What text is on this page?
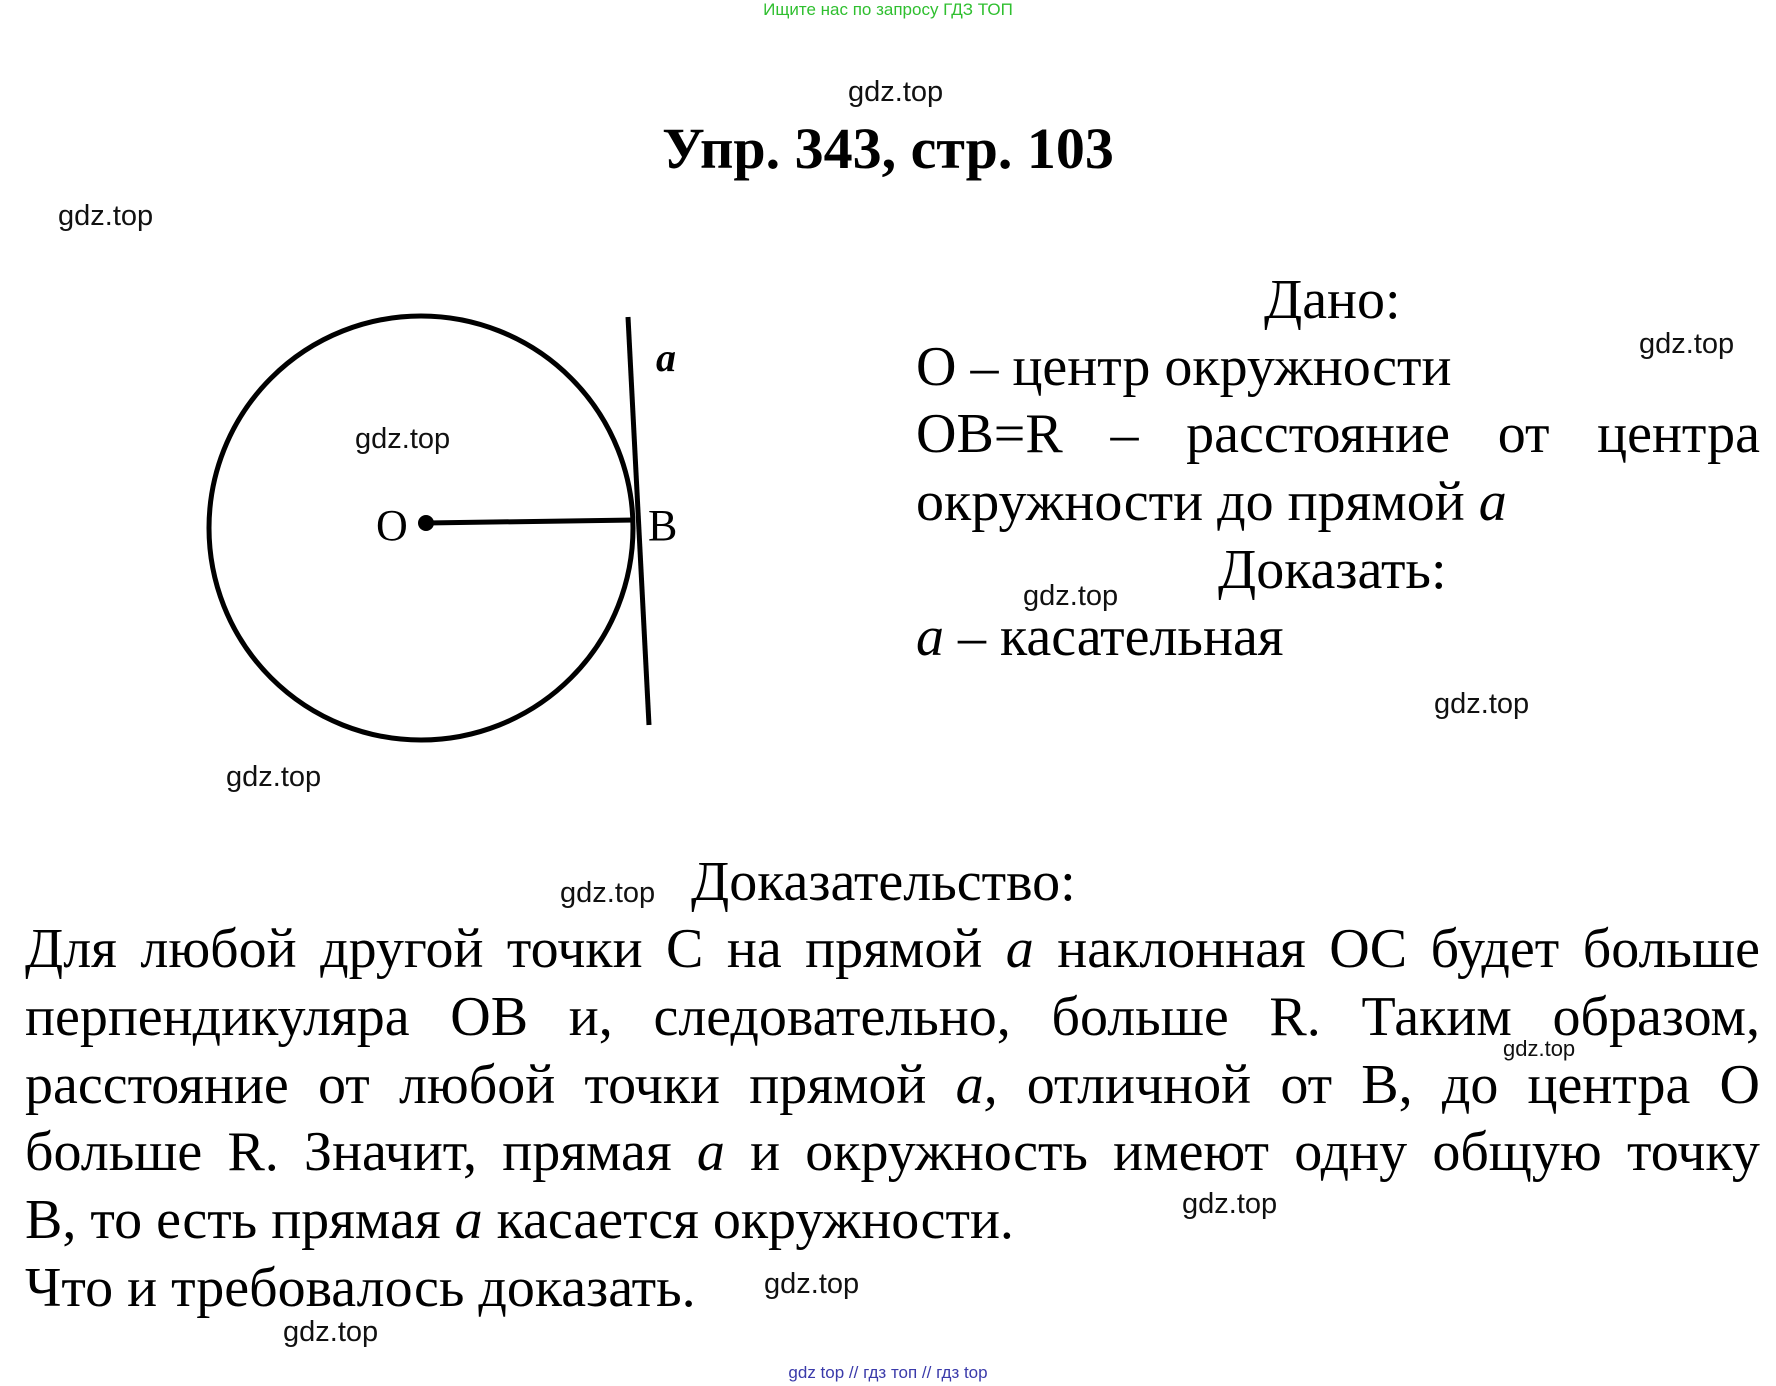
Ищите нас по запросу ГДЗ ТОП
gdz.top
Упр. 343, стр. 103
gdz.top
a
O	B
gdz.top
gdz.top
Дано:
gdz.top
O – центр окружности
OB=R – расстояние от центра
окружности до прямой a
Доказать:
gdz.top
a – касательная
gdz.top
gdz.top Доказательство:
Для любой другой точки C на прямой a наклонная OC будет больше
перпендикуляра OB и, следовательно, больше R. Таким образом,
gdz.top
расстояние от любой точки прямой a, отличной от B, до центра O
больше R. Значит, прямая a и окружность имеют одну общую точку
B, то есть прямая a касается окружности.	gdz.top
Что и требовалось доказать. gdz.top
gdz.top
gdz top // гдз топ // гдз top
